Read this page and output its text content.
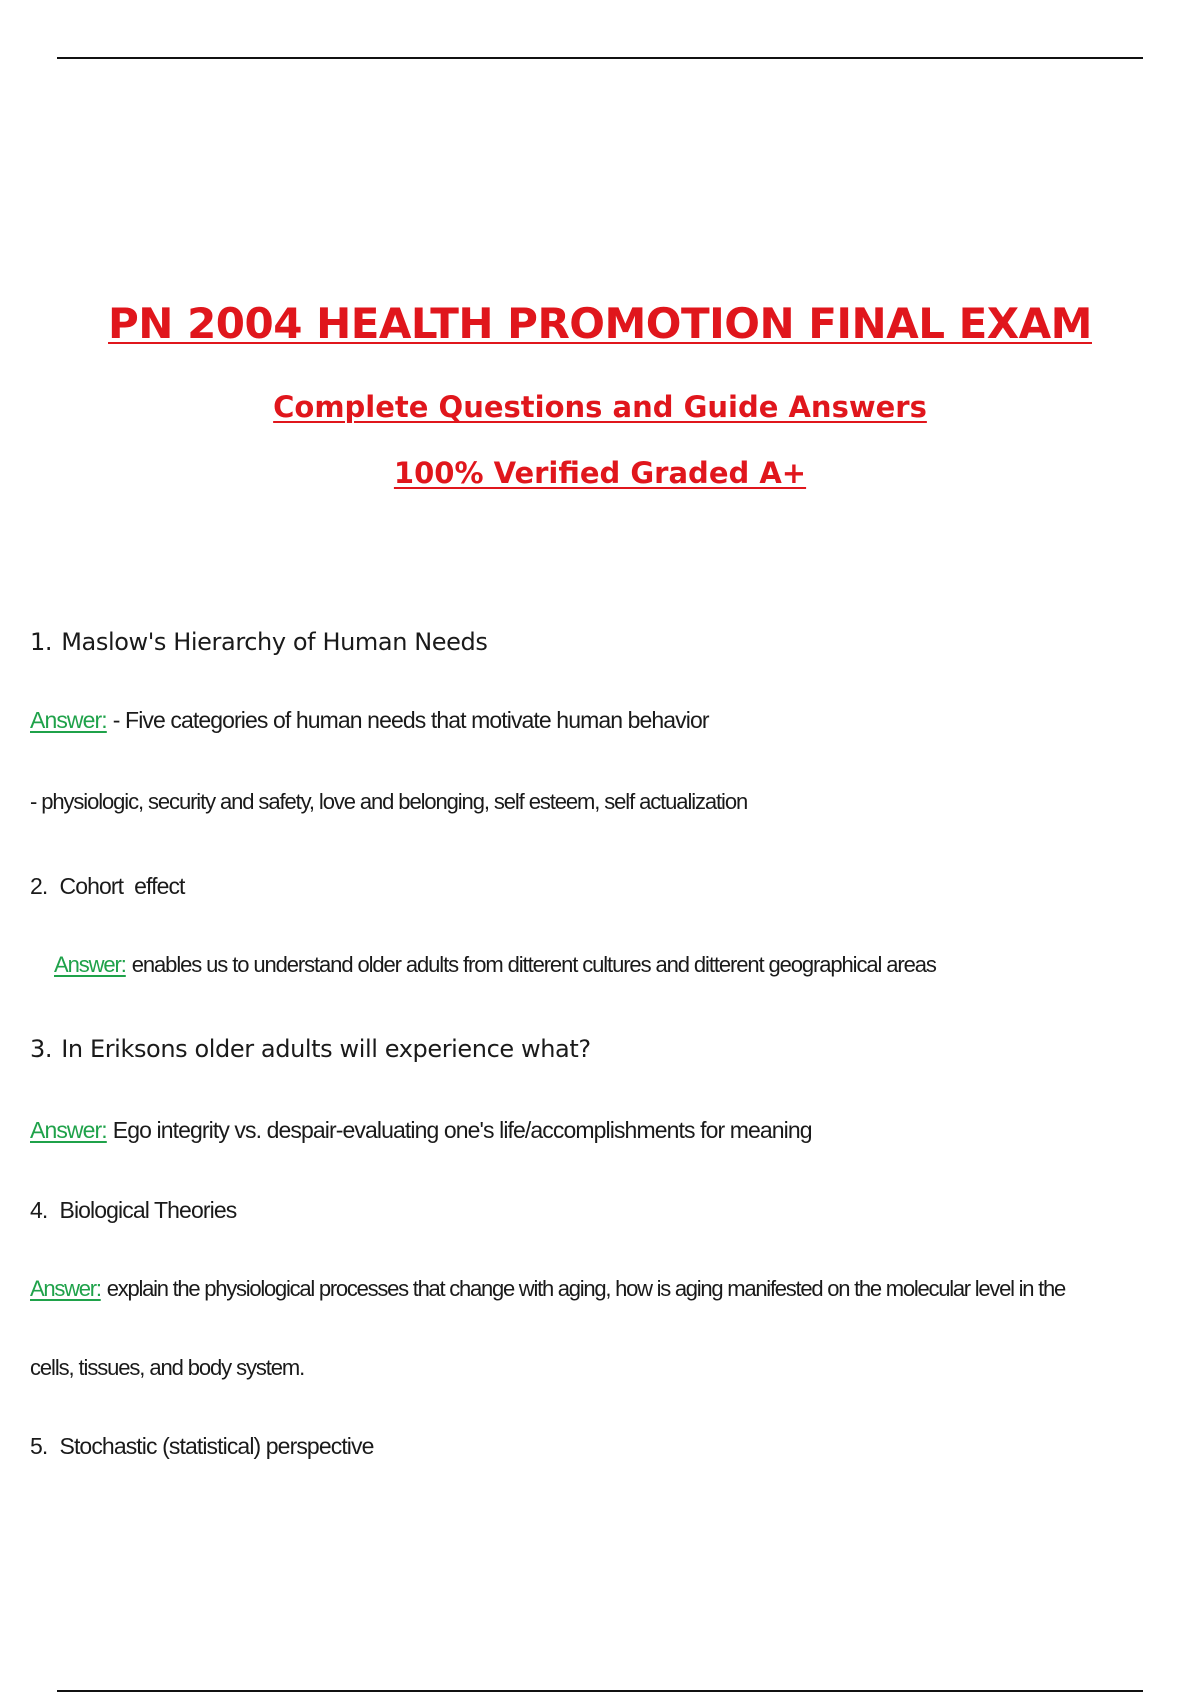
PN 2004 HEALTH PROMOTION FINAL EXAM
Complete Questions and Guide Answers
100% Verified Graded A+
1. Maslow's Hierarchy of Human Needs
Answer: - Five categories of human needs that motivate human behavior
- physiologic, security and safety, love and belonging, self esteem, self actualization
2. Cohort  effect
Answer: enables us to understand older adults from ditterent cultures and ditterent geographical areas
3. In Eriksons older adults will experience what?
Answer: Ego integrity vs. despair-evaluating one's life/accomplishments for meaning
4. Biological Theories
Answer: explain the physiological processes that change with aging, how is aging manifested on the molecular level in the
cells, tissues, and body system.
5. Stochastic (statistical) perspective
